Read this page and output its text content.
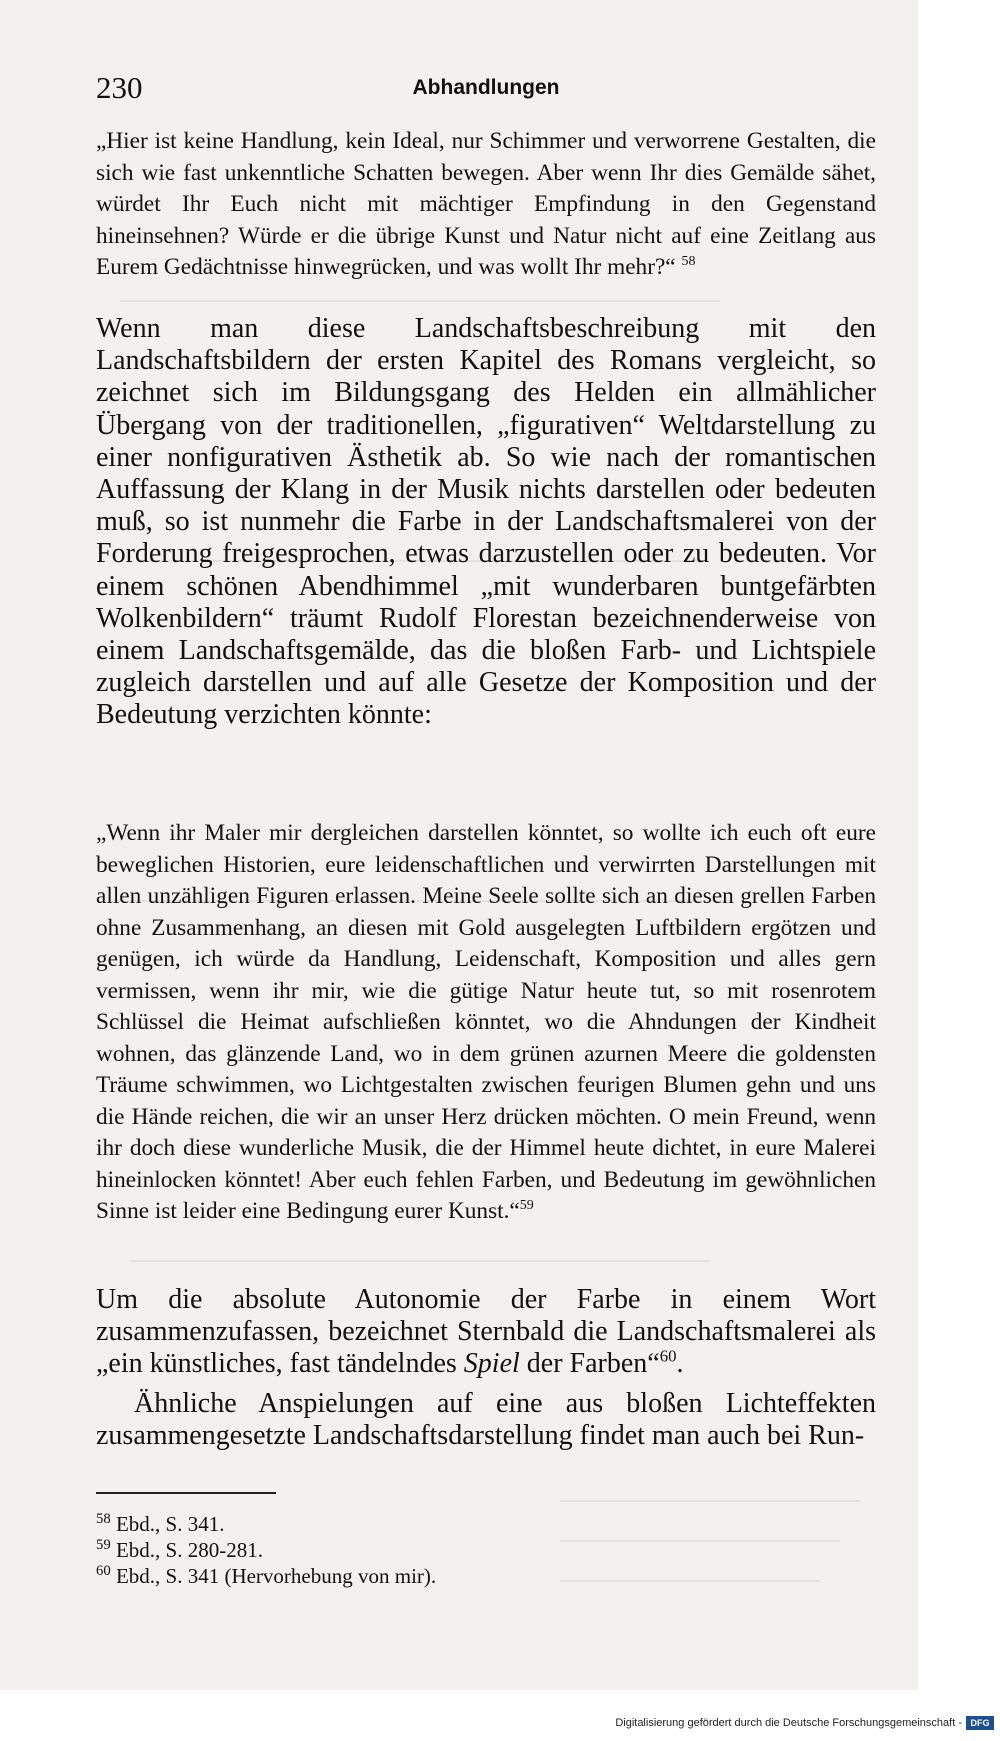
230	Abhandlungen

„Hier ist keine Handlung, kein Ideal, nur Schimmer und verworrene Gestalten, die sich wie fast unkenntliche Schatten bewegen. Aber wenn Ihr dies Gemälde sähet, würdet Ihr Euch nicht mit mächtiger Empfindung in den Gegenstand hineinsehnen? Würde er die übrige Kunst und Natur nicht auf eine Zeitlang aus Eurem Gedächtnisse hinwegrücken, und was wollt Ihr mehr?“ $^{58}$

Wenn man diese Landschaftsbeschreibung mit den Landschaftsbildern der ersten Kapitel des Romans vergleicht, so zeichnet sich im Bildungsgang des Helden ein allmählicher Übergang von der traditionellen, „figurativen“ Weltdarstellung zu einer nonfigurativen Ästhetik ab. So wie nach der romantischen Auffassung der Klang in der Musik nichts darstellen oder bedeuten muß, so ist nunmehr die Farbe in der Landschaftsmalerei von der Forderung freigesprochen, etwas darzustellen oder zu bedeuten. Vor einem schönen Abendhimmel „mit wunderbaren buntgefärbten Wolkenbildern“ träumt Rudolf Florestan bezeichnenderweise von einem Landschaftsgemälde, das die bloßen Farb- und Lichtspiele zugleich darstellen und auf alle Gesetze der Komposition und der Bedeutung verzichten könnte:

„Wenn ihr Maler mir dergleichen darstellen könntet, so wollte ich euch oft eure beweglichen Historien, eure leidenschaftlichen und verwirrten Darstellungen mit allen unzähligen Figuren erlassen. Meine Seele sollte sich an diesen grellen Farben ohne Zusammenhang, an diesen mit Gold ausgelegten Luftbildern ergötzen und genügen, ich würde da Handlung, Leidenschaft, Komposition und alles gern vermissen, wenn ihr mir, wie die gütige Natur heute tut, so mit rosenrotem Schlüssel die Heimat aufschließen könntet, wo die Ahndungen der Kindheit wohnen, das glänzende Land, wo in dem grünen azurnen Meere die goldensten Träume schwimmen, wo Lichtgestalten zwischen feurigen Blumen gehn und uns die Hände reichen, die wir an unser Herz drücken möchten. O mein Freund, wenn ihr doch diese wunderliche Musik, die der Himmel heute dichtet, in eure Malerei hineinlocken könntet! Aber euch fehlen Farben, und Bedeutung im gewöhnlichen Sinne ist leider eine Bedingung eurer Kunst.“$^{59}$

Um die absolute Autonomie der Farbe in einem Wort zusammenzufassen, bezeichnet Sternbald die Landschaftsmalerei als „ein künstliches, fast tändelndes Spiel der Farben“$^{60}$.

Ähnliche Anspielungen auf eine aus bloßen Lichteffekten zusammengesetzte Landschaftsdarstellung findet man auch bei Run-

$^{58}$ Ebd., S. 341.
$^{59}$ Ebd., S. 280-281.
$^{60}$ Ebd., S. 341 (Hervorhebung von mir).
Digitalisierung gefördert durch die Deutsche Forschungsgemeinschaft - DFG
